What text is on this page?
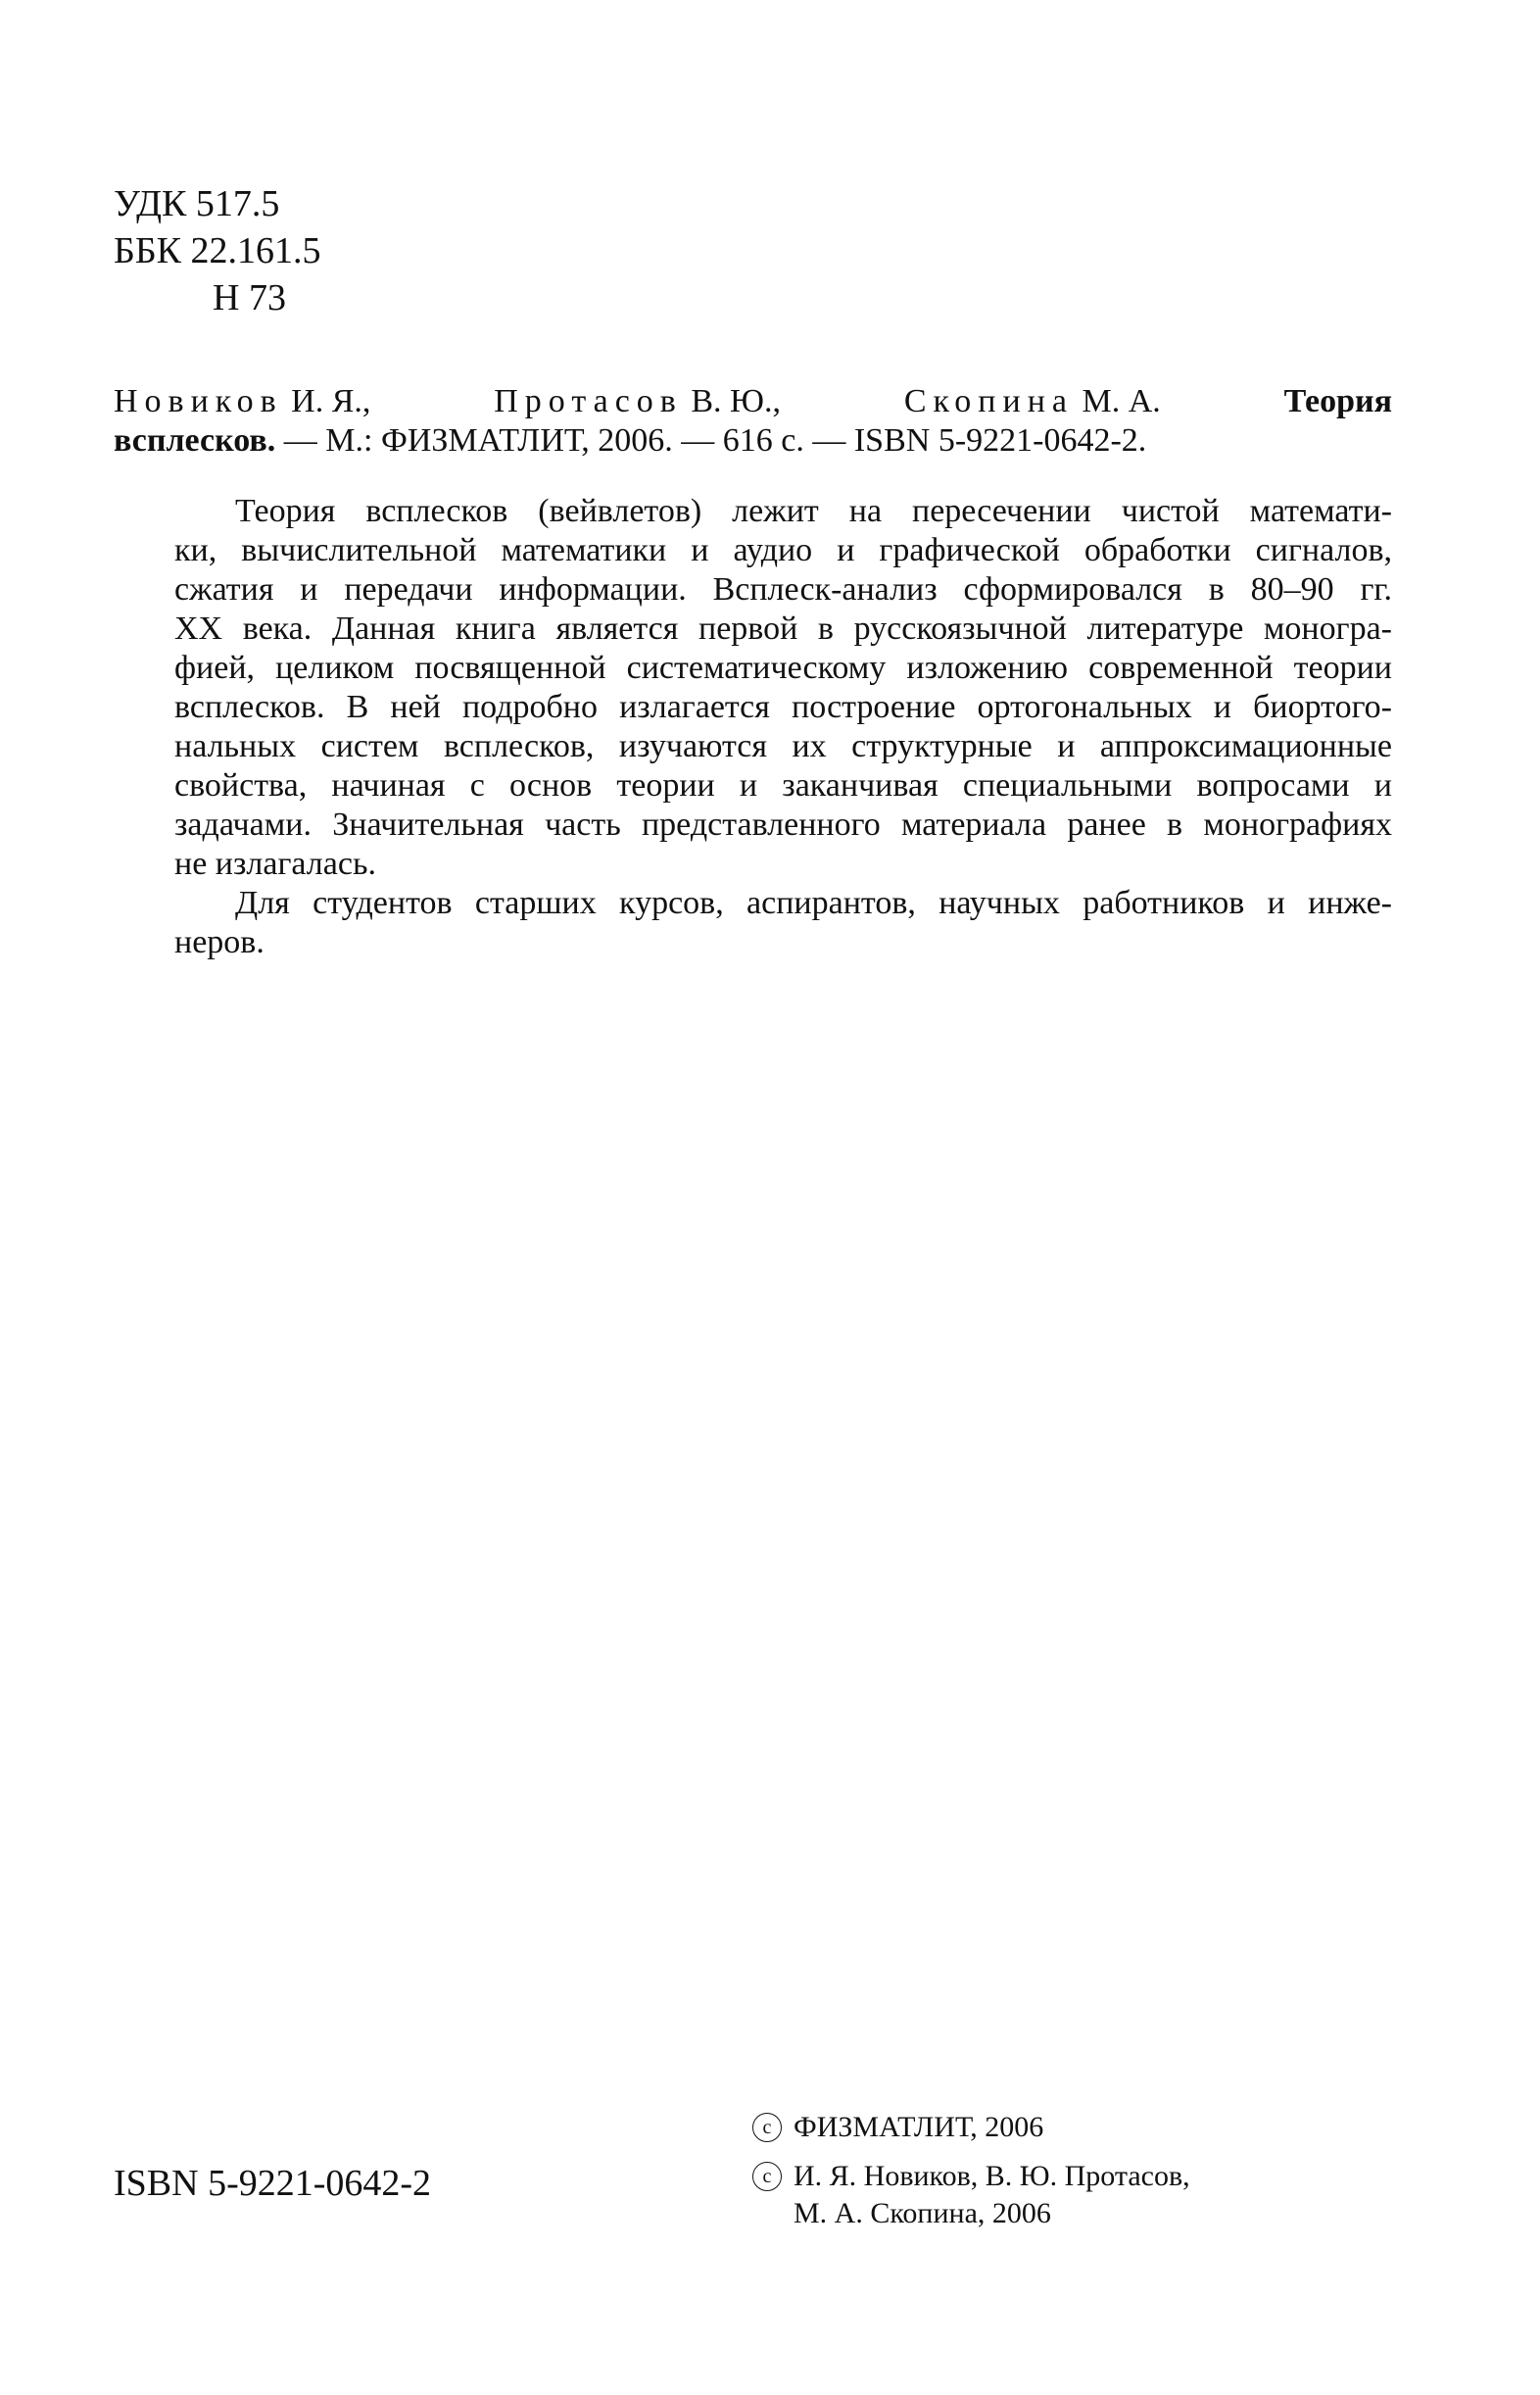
УДК 517.5
ББК 22.161.5
Н 73
Новиков И. Я.,	Протасов В. Ю.,	Скопина М. А.	Теория
всплесков. — М.: ФИЗМАТЛИТ, 2006. — 616 с. — ISBN 5-9221-0642-2.
Теория всплесков (вейвлетов) лежит на пересечении чистой математи-
ки, вычислительной математики и аудио и графической обработки сигналов,
сжатия и передачи информации. Всплеск-анализ сформировался в 80–90 гг.
XX века. Данная книга является первой в русскоязычной литературе моногра-
фией, целиком посвященной систематическому изложению современной теории
всплесков. В ней подробно излагается построение ортогональных и биортого-
нальных систем всплесков, изучаются их структурные и аппроксимационные
свойства, начиная с основ теории и заканчивая специальными вопросами и
задачами. Значительная часть представленного материала ранее в монографиях
не излагалась.
Для студентов старших курсов, аспирантов, научных работников и инже-
неров.
ISBN 5-9221-0642-2
c ФИЗМАТЛИТ, 2006
c И. Я. Новиков, В. Ю. Протасов,
М. А. Скопина, 2006
